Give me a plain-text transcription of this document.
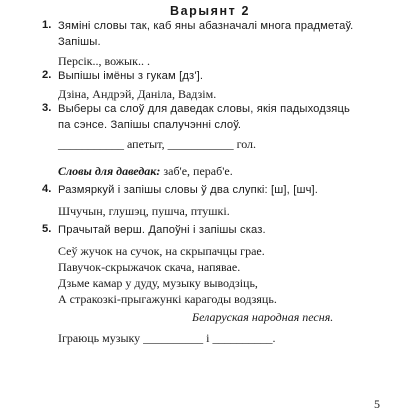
Варыянт 2
1. Зяміні словы так, каб яны абазначалі многа прадметаў.
Запішы.
Персік.., вожык.. .
2. Выпішы імёны з гукам [дз'].
Дзіна, Андрэй, Даніла, Вадзім.
3. Выберы са слоў для даведак словы, якія падыходзяць
па сэнсе. Запішы спалучэнні слоў.
___________ апетыт, ___________ гол.
Словы для даведак: заб'е, пераб'е.
4. Размяркуй і запішы словы ў два слупкі: [ш], [шч].
Шчучын, глушэц, пушча, птушкі.
5. Прачытай верш. Дапоўні і запішы сказ.
Сеў жучок на сучок, на скрыпачцы грае.
Павучок-скрыжачок скача, напявае.
Дзьме камар у дуду, музыку выводзіць,
А стракозкі-прыгажункі карагоды водзяць.
Беларуская народная песня.
Іграюць музыку __________ і __________.
5
